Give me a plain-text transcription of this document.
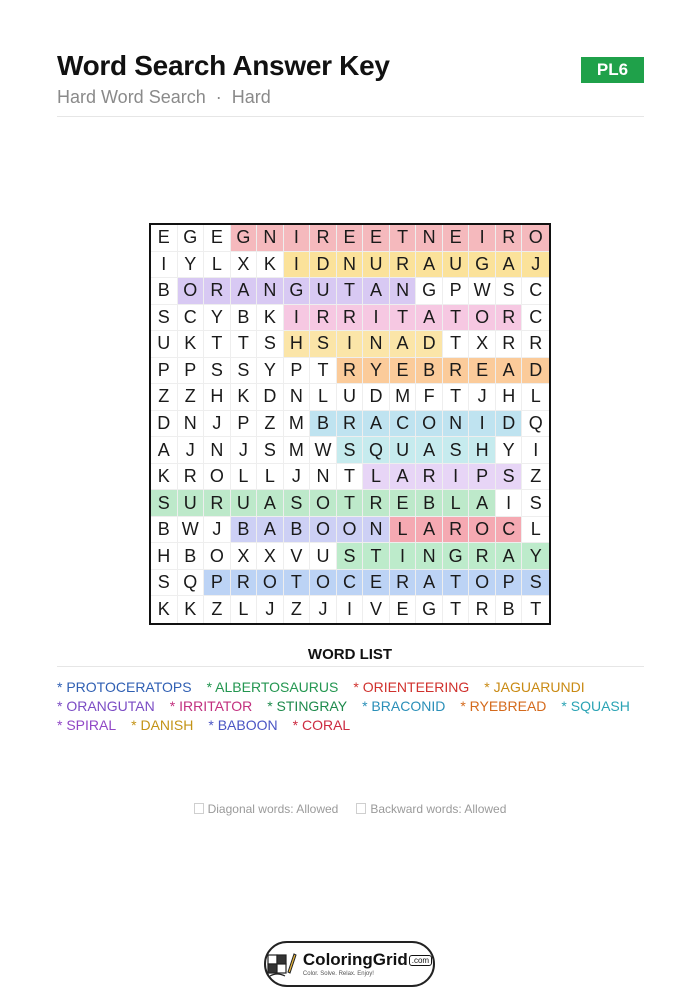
Word Search Answer Key
Hard Word Search · Hard
PL6
E G E G N I R E E T N E	I R O
I	Y L X K	I D N U R A U G A J
B O R A N G U T A N G P W S C
S C Y B K	I R R I	T A T O R C
U K T T S H S	I N A D T X R R
P P S S Y P T R Y E B R E A D
Z Z H K D N L U D M F T J H L
D N J P Z M B R A C O N I D Q
A J N J S M W S Q U A S H Y	I
K R O L L J N T L A R I	P S Z
S U R U A S O T R E B L A	I	S
B W J B A B O O N L A R O C L
H B O X X V U S T	I N G R A Y
S Q P R O T O C E R A T O P S
K K Z L J Z J	I	V E G T R B T
WORD LIST
* PROTOCERATOPS * ALBERTOSAURUS * ORIENTEERING * JAGUARUNDI
* ORANGUTAN * IRRITATOR * STINGRAY * BRACONID * RYEBREAD * SQUASH
* SPIRAL * DANISH * BABOON * CORAL
Diagonal words: Allowed	Backward words: Allowed
ColoringGrid .com
Color. Solve. Relax. Enjoy!
